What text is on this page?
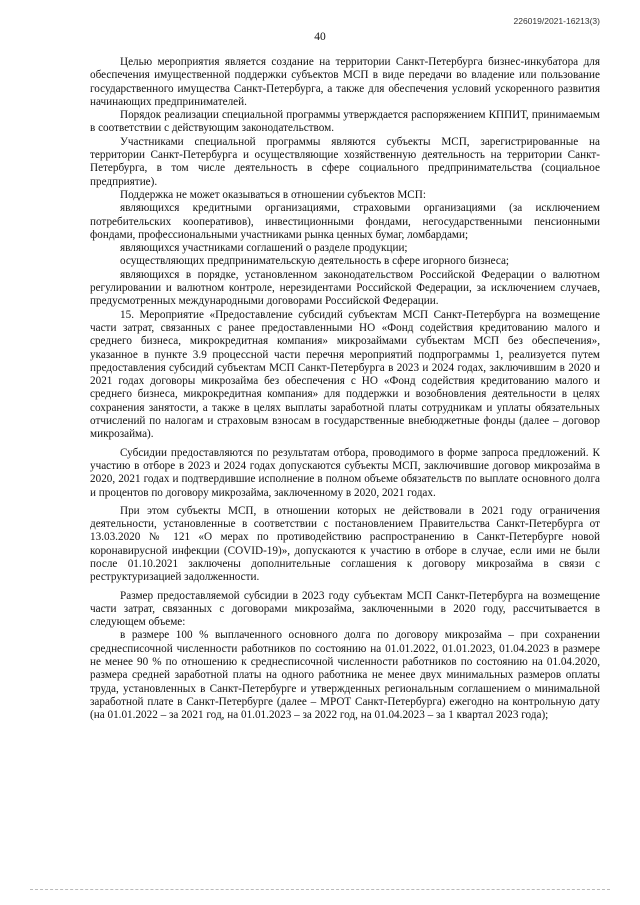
226019/2021-16213(3)
40

Целью мероприятия является создание на территории Санкт-Петербурга бизнес-инкубатора для обеспечения имущественной поддержки субъектов МСП в виде передачи во владение или пользование государственного имущества Санкт-Петербурга, а также для обеспечения условий ускоренного развития начинающих предпринимателей.

Порядок реализации специальной программы утверждается распоряжением КППИТ, принимаемым в соответствии с действующим законодательством.

Участниками специальной программы являются субъекты МСП, зарегистрированные на территории Санкт-Петербурга и осуществляющие хозяйственную деятельность на территории Санкт-Петербурга, в том числе деятельность в сфере социального предпринимательства (социальное предприятие).

Поддержка не может оказываться в отношении субъектов МСП:

являющихся кредитными организациями, страховыми организациями (за исключением потребительских кооперативов), инвестиционными фондами, негосударственными пенсионными фондами, профессиональными участниками рынка ценных бумаг, ломбардами;

являющихся участниками соглашений о разделе продукции;

осуществляющих предпринимательскую деятельность в сфере игорного бизнеса;

являющихся в порядке, установленном законодательством Российской Федерации о валютном регулировании и валютном контроле, нерезидентами Российской Федерации, за исключением случаев, предусмотренных международными договорами Российской Федерации.

15. Мероприятие «Предоставление субсидий субъектам МСП Санкт-Петербурга на возмещение части затрат, связанных с ранее предоставленными НО «Фонд содействия кредитованию малого и среднего бизнеса, микрокредитная компания» микрозаймами субъектам МСП без обеспечения», указанное в пункте 3.9 процессной части перечня мероприятий подпрограммы 1, реализуется путем предоставления субсидий субъектам МСП Санкт-Петербурга в 2023 и 2024 годах, заключившим в 2020 и 2021 годах договоры микрозайма без обеспечения с НО «Фонд содействия кредитованию малого и среднего бизнеса, микрокредитная компания» для поддержки и возобновления деятельности в целях сохранения занятости, а также в целях выплаты заработной платы сотрудникам и уплаты обязательных отчислений по налогам и страховым взносам в государственные внебюджетные фонды (далее – договор микрозайма).

Субсидии предоставляются по результатам отбора, проводимого в форме запроса предложений. К участию в отборе в 2023 и 2024 годах допускаются субъекты МСП, заключившие договор микрозайма в 2020, 2021 годах и подтвердившие исполнение в полном объеме обязательств по выплате основного долга и процентов по договору микрозайма, заключенному в 2020, 2021 годах.

При этом субъекты МСП, в отношении которых не действовали в 2021 году ограничения деятельности, установленные в соответствии с постановлением Правительства Санкт-Петербурга от 13.03.2020 № 121 «О мерах по противодействию распространению в Санкт-Петербурге новой коронавирусной инфекции (COVID-19)», допускаются к участию в отборе в случае, если ими не были после 01.10.2021 заключены дополнительные соглашения к договору микрозайма в связи с реструктуризацией задолженности.

Размер предоставляемой субсидии в 2023 году субъектам МСП Санкт-Петербурга на возмещение части затрат, связанных с договорами микрозайма, заключенными в 2020 году, рассчитывается в следующем объеме:

в размере 100 % выплаченного основного долга по договору микрозайма – при сохранении среднесписочной численности работников по состоянию на 01.01.2022, 01.01.2023, 01.04.2023 в размере не менее 90 % по отношению к среднесписочной численности работников по состоянию на 01.04.2020, размера средней заработной платы на одного работника не менее двух минимальных размеров оплаты труда, установленных в Санкт-Петербурге и утвержденных региональным соглашением о минимальной заработной плате в Санкт-Петербурге (далее – МРОТ Санкт-Петербурга) ежегодно на контрольную дату (на 01.01.2022 – за 2021 год, на 01.01.2023 – за 2022 год, на 01.04.2023 – за 1 квартал 2023 года);
